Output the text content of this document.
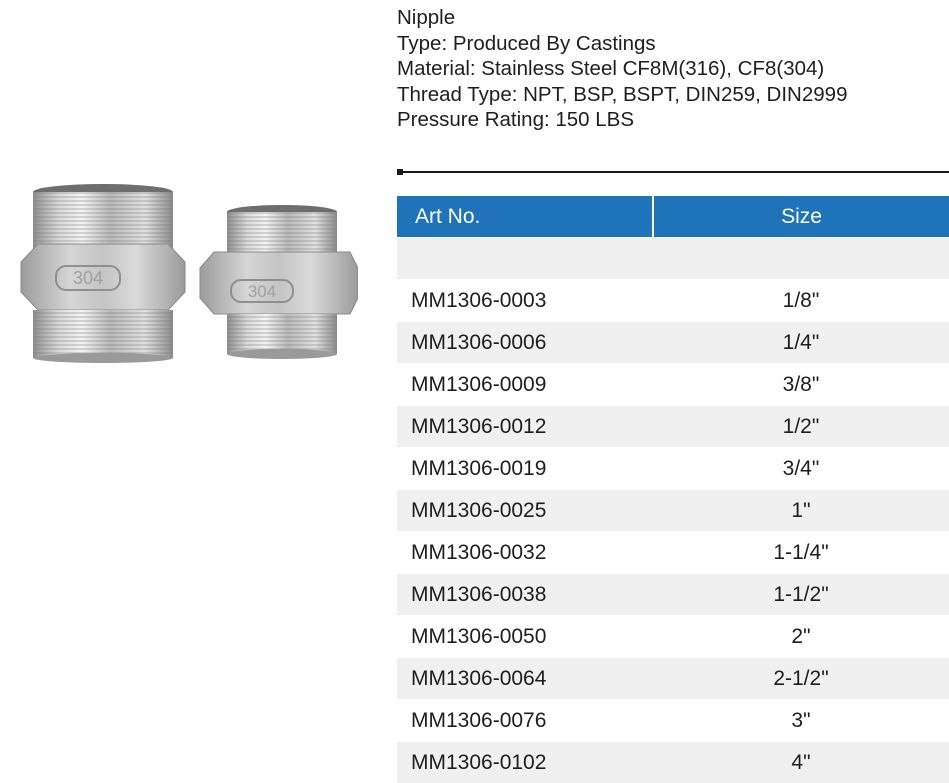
304
304
Nipple
Type: Produced By Castings
Material: Stainless Steel CF8M(316), CF8(304)
Thread Type: NPT, BSP, BSPT, DIN259, DIN2999
Pressure Rating: 150 LBS
Art No.	Size

MM1306-0003	1/8"
MM1306-0006	1/4"
MM1306-0009	3/8"
MM1306-0012	1/2"
MM1306-0019	3/4"
MM1306-0025	1"
MM1306-0032	1-1/4"
MM1306-0038	1-1/2"
MM1306-0050	2"
MM1306-0064	2-1/2"
MM1306-0076	3"
MM1306-0102	4"
